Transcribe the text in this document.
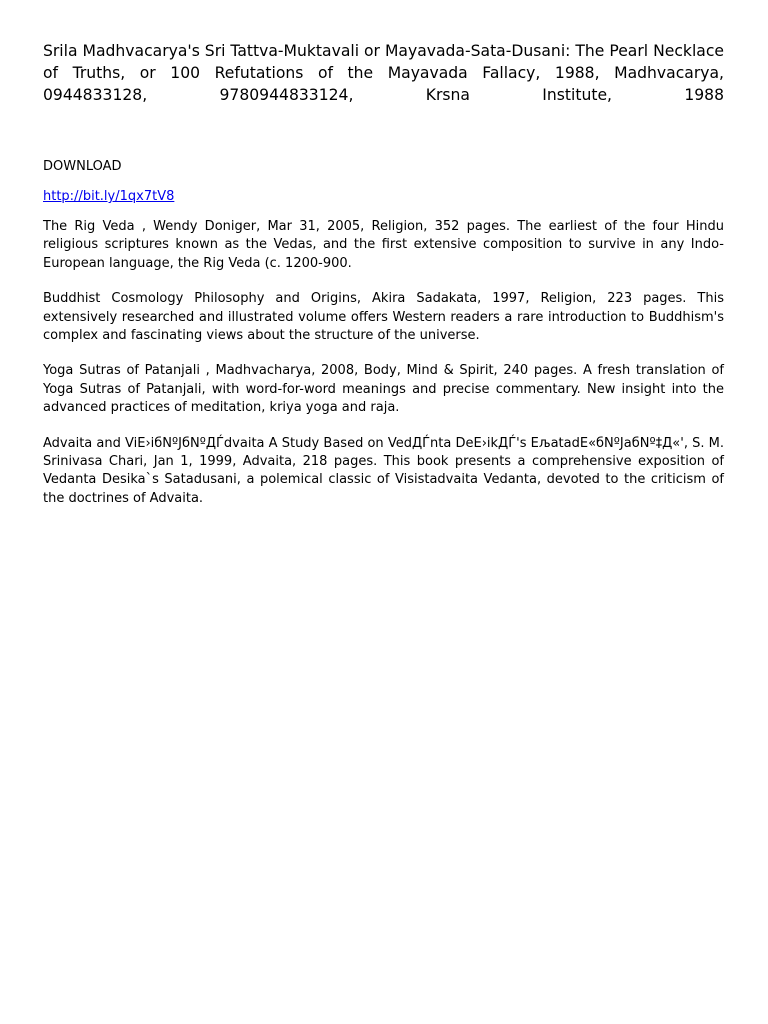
Srila Madhvacarya's Sri Tattva-Muktavali or Mayavada-Sata-Dusani: The Pearl Necklace of Truths, or 100 Refutations of the Mayavada Fallacy, 1988, Madhvacarya, 0944833128, 9780944833124, Krsna Institute, 1988

DOWNLOAD
http://bit.ly/1qx7tV8

The Rig Veda , Wendy Doniger, Mar 31, 2005, Religion, 352 pages. The earliest of the four Hindu religious scriptures known as the Vedas, and the first extensive composition to survive in any Indo-European language, the Rig Veda (c. 1200-900.

Buddhist Cosmology Philosophy and Origins, Akira Sadakata, 1997, Religion, 223 pages. This extensively researched and illustrated volume offers Western readers a rare introduction to Buddhism's complex and fascinating views about the structure of the universe.

Yoga Sutras of Patanjali , Madhvacharya, 2008, Body, Mind & Spirit, 240 pages. A fresh translation of Yoga Sutras of Patanjali, with word-for-word meanings and precise commentary. New insight into the advanced practices of meditation, kriya yoga and raja.

Advaita and ViЕ›iбNºJбNºДЃdvaita A Study Based on VedДЃnta DeЕ›ikДЃ's ЕљatadЕ«бNºJaбNº‡Д«', S. M. Srinivasa Chari, Jan 1, 1999, Advaita, 218 pages. This book presents a comprehensive exposition of Vedanta Desika`s Satadusani, a polemical classic of Visistadvaita Vedanta, devoted to the criticism of the doctrines of Advaita.
